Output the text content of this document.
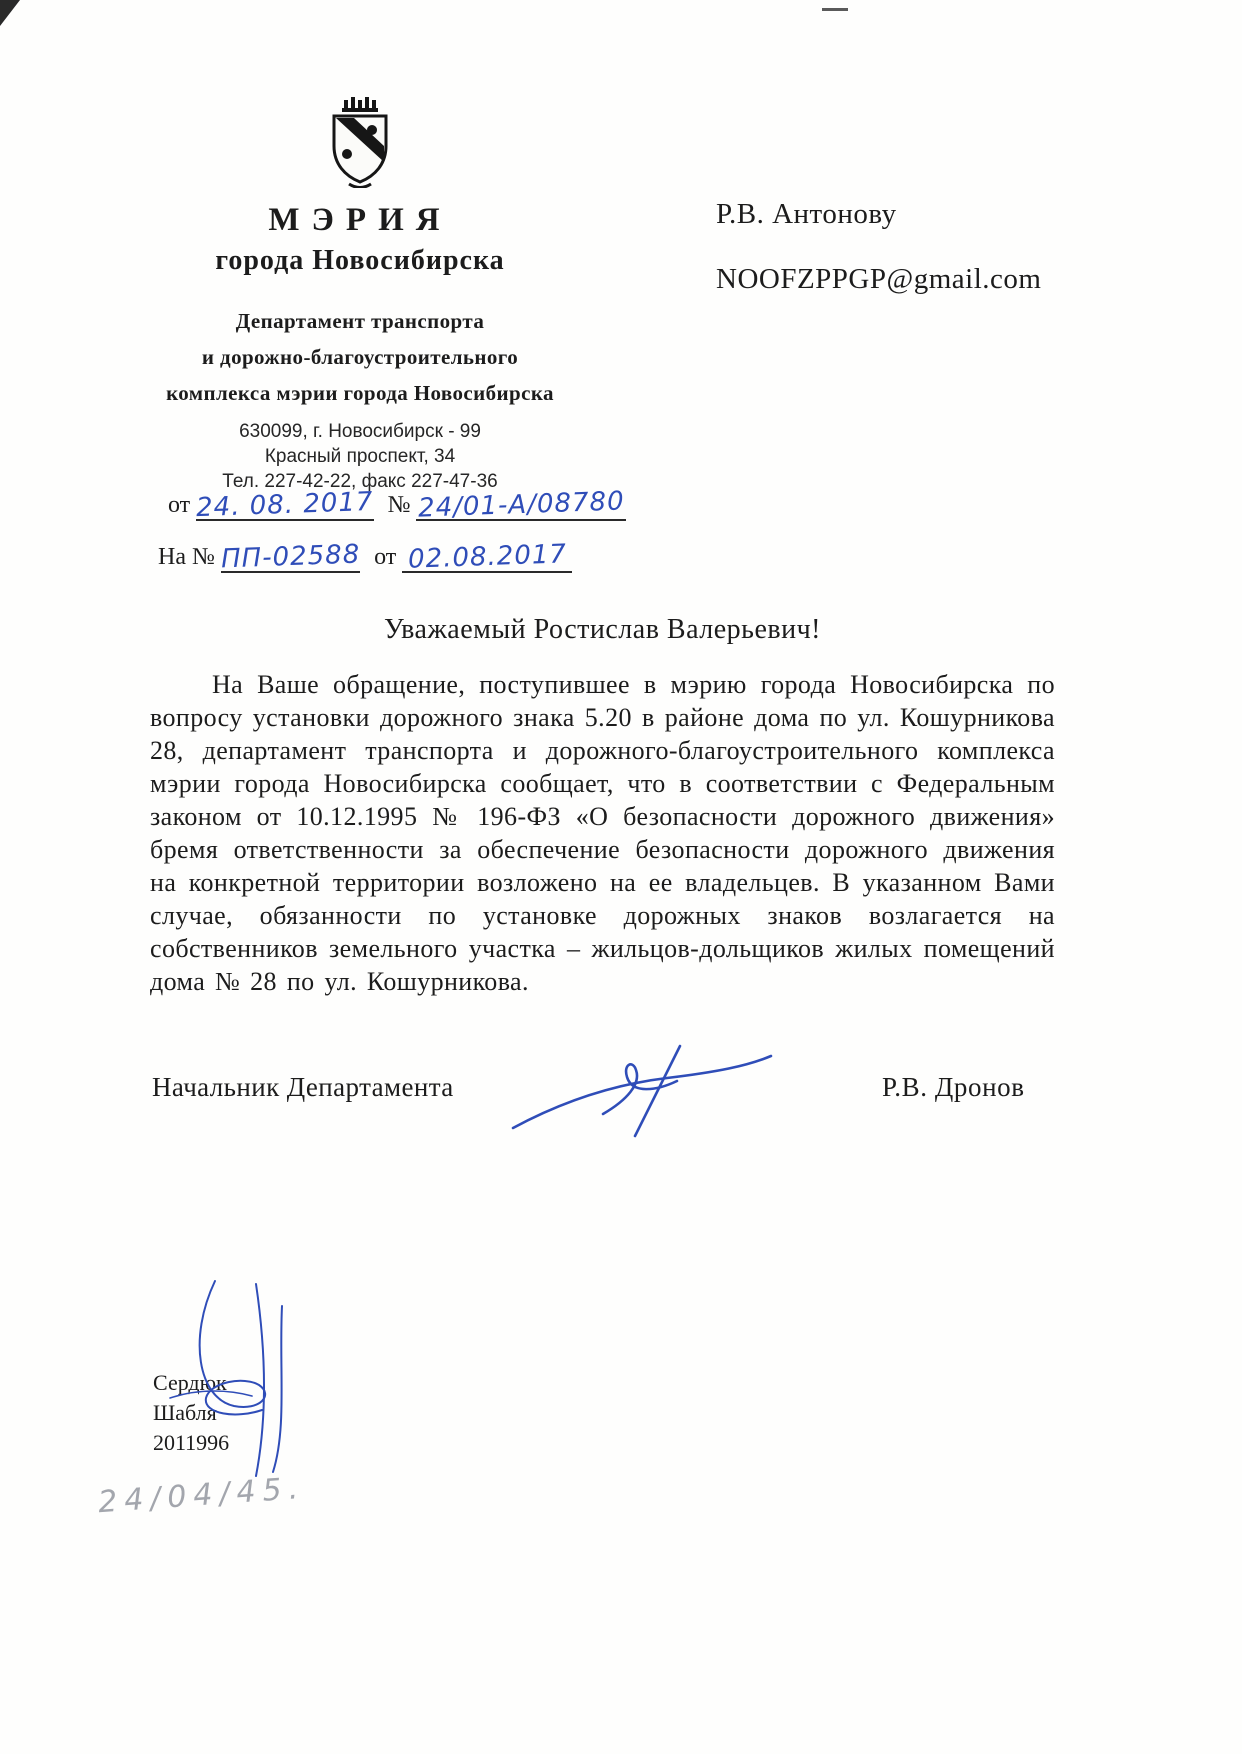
МЭРИЯ
города Новосибирска
Департамент транспорта
и дорожно-благоустроительного
комплекса мэрии города Новосибирска
630099, г. Новосибирск - 99
Красный проспект, 34
Тел. 227-42-22, факс 227-47-36
от 24. 08. 2017 № 24/01-А/08780
На № ПП-02588 от 02.08.2017
Р.В. Антонову
NOOFZPPGP@gmail.com
Уважаемый Ростислав Валерьевич!
На Ваше обращение, поступившее в мэрию города Новосибирска по вопросу установки дорожного знака 5.20 в районе дома по ул. Кошурникова 28, департамент транспорта и дорожного-благоустроительного комплекса мэрии города Новосибирска сообщает, что в соответствии с Федеральным законом от 10.12.1995 № 196-ФЗ «О безопасности дорожного движения» бремя ответственности за обеспечение безопасности дорожного движения на конкретной территории возложено на ее владельцев. В указанном Вами случае, обязанности по установке дорожных знаков возлагается на собственников земельного участка – жильцов-дольщиков жилых помещений дома № 28 по ул. Кошурникова.
Начальник Департамента	Р.В. Дронов
Сердюк
Шабля
2011996
24/04/45.
